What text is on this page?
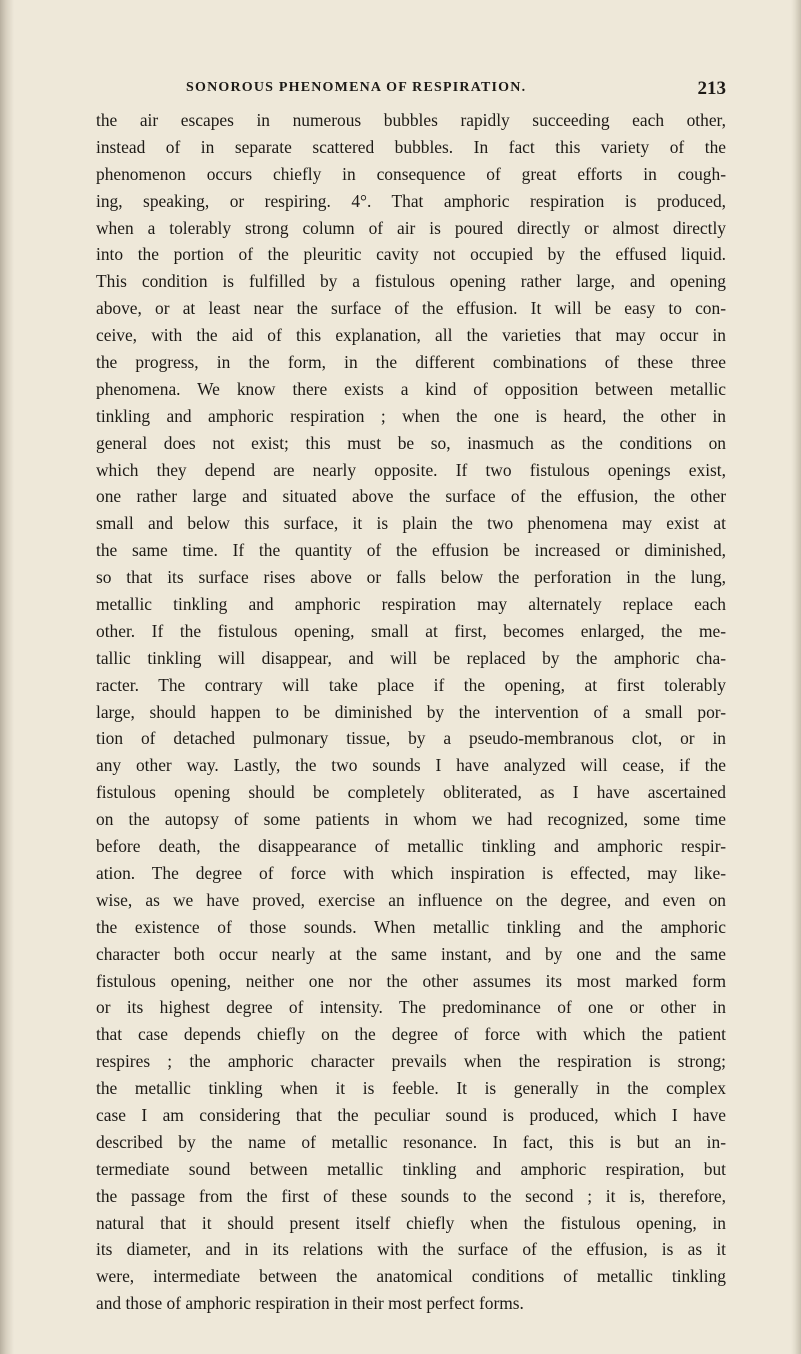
SONOROUS PHENOMENA OF RESPIRATION.	213
the air escapes in numerous bubbles rapidly succeeding each other,
instead of in separate scattered bubbles. In fact this variety of the
phenomenon occurs chiefly in consequence of great efforts in cough-
ing, speaking, or respiring. 4°. That amphoric respiration is produced,
when a tolerably strong column of air is poured directly or almost directly
into the portion of the pleuritic cavity not occupied by the effused liquid.
This condition is fulfilled by a fistulous opening rather large, and opening
above, or at least near the surface of the effusion. It will be easy to con-
ceive, with the aid of this explanation, all the varieties that may occur in
the progress, in the form, in the different combinations of these three
phenomena. We know there exists a kind of opposition between metallic
tinkling and amphoric respiration ; when the one is heard, the other in
general does not exist; this must be so, inasmuch as the conditions on
which they depend are nearly opposite. If two fistulous openings exist,
one rather large and situated above the surface of the effusion, the other
small and below this surface, it is plain the two phenomena may exist at
the same time. If the quantity of the effusion be increased or diminished,
so that its surface rises above or falls below the perforation in the lung,
metallic tinkling and amphoric respiration may alternately replace each
other. If the fistulous opening, small at first, becomes enlarged, the me-
tallic tinkling will disappear, and will be replaced by the amphoric cha-
racter. The contrary will take place if the opening, at first tolerably
large, should happen to be diminished by the intervention of a small por-
tion of detached pulmonary tissue, by a pseudo-membranous clot, or in
any other way. Lastly, the two sounds I have analyzed will cease, if the
fistulous opening should be completely obliterated, as I have ascertained
on the autopsy of some patients in whom we had recognized, some time
before death, the disappearance of metallic tinkling and amphoric respir-
ation. The degree of force with which inspiration is effected, may like-
wise, as we have proved, exercise an influence on the degree, and even on
the existence of those sounds. When metallic tinkling and the amphoric
character both occur nearly at the same instant, and by one and the same
fistulous opening, neither one nor the other assumes its most marked form
or its highest degree of intensity. The predominance of one or other in
that case depends chiefly on the degree of force with which the patient
respires ; the amphoric character prevails when the respiration is strong;
the metallic tinkling when it is feeble. It is generally in the complex
case I am considering that the peculiar sound is produced, which I have
described by the name of metallic resonance. In fact, this is but an in-
termediate sound between metallic tinkling and amphoric respiration, but
the passage from the first of these sounds to the second ; it is, therefore,
natural that it should present itself chiefly when the fistulous opening, in
its diameter, and in its relations with the surface of the effusion, is as it
were, intermediate between the anatomical conditions of metallic tinkling
and those of amphoric respiration in their most perfect forms.
